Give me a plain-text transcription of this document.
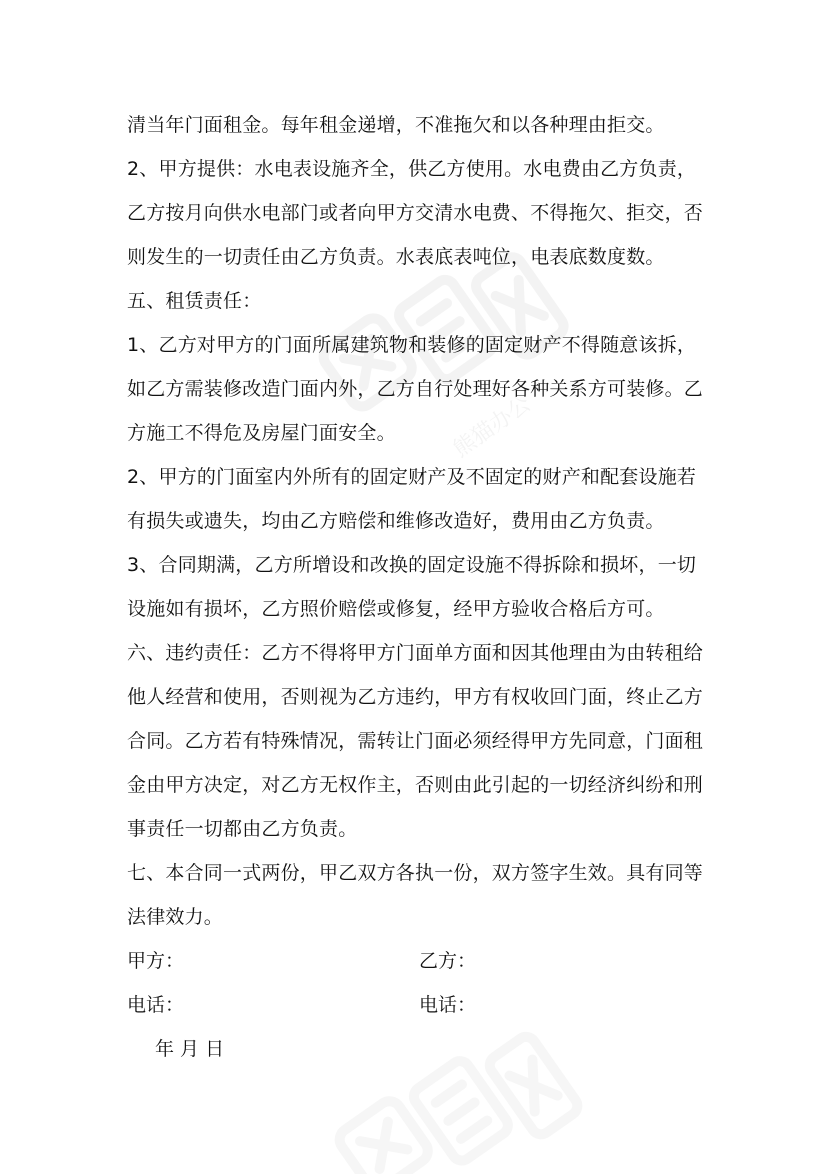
熊猫办公
清当年门面租金。每年租金递增，不准拖欠和以各种理由拒交。
2、甲方提供：水电表设施齐全，供乙方使用。水电费由乙方负责，
乙方按月向供水电部门或者向甲方交清水电费、不得拖欠、拒交，否
则发生的一切责任由乙方负责。水表底表吨位，电表底数度数。
五、租赁责任：
1、乙方对甲方的门面所属建筑物和装修的固定财产不得随意该拆，
如乙方需装修改造门面内外，乙方自行处理好各种关系方可装修。乙
方施工不得危及房屋门面安全。
2、甲方的门面室内外所有的固定财产及不固定的财产和配套设施若
有损失或遗失，均由乙方赔偿和维修改造好，费用由乙方负责。
3、合同期满，乙方所增设和改换的固定设施不得拆除和损坏，一切
设施如有损坏，乙方照价赔偿或修复，经甲方验收合格后方可。
六、违约责任：乙方不得将甲方门面单方面和因其他理由为由转租给
他人经营和使用，否则视为乙方违约，甲方有权收回门面，终止乙方
合同。乙方若有特殊情况，需转让门面必须经得甲方先同意，门面租
金由甲方决定，对乙方无权作主，否则由此引起的一切经济纠纷和刑
事责任一切都由乙方负责。
七、本合同一式两份，甲乙双方各执一份，双方签字生效。具有同等
法律效力。
甲方：	乙方：
电话：	电话：
年 月 日
